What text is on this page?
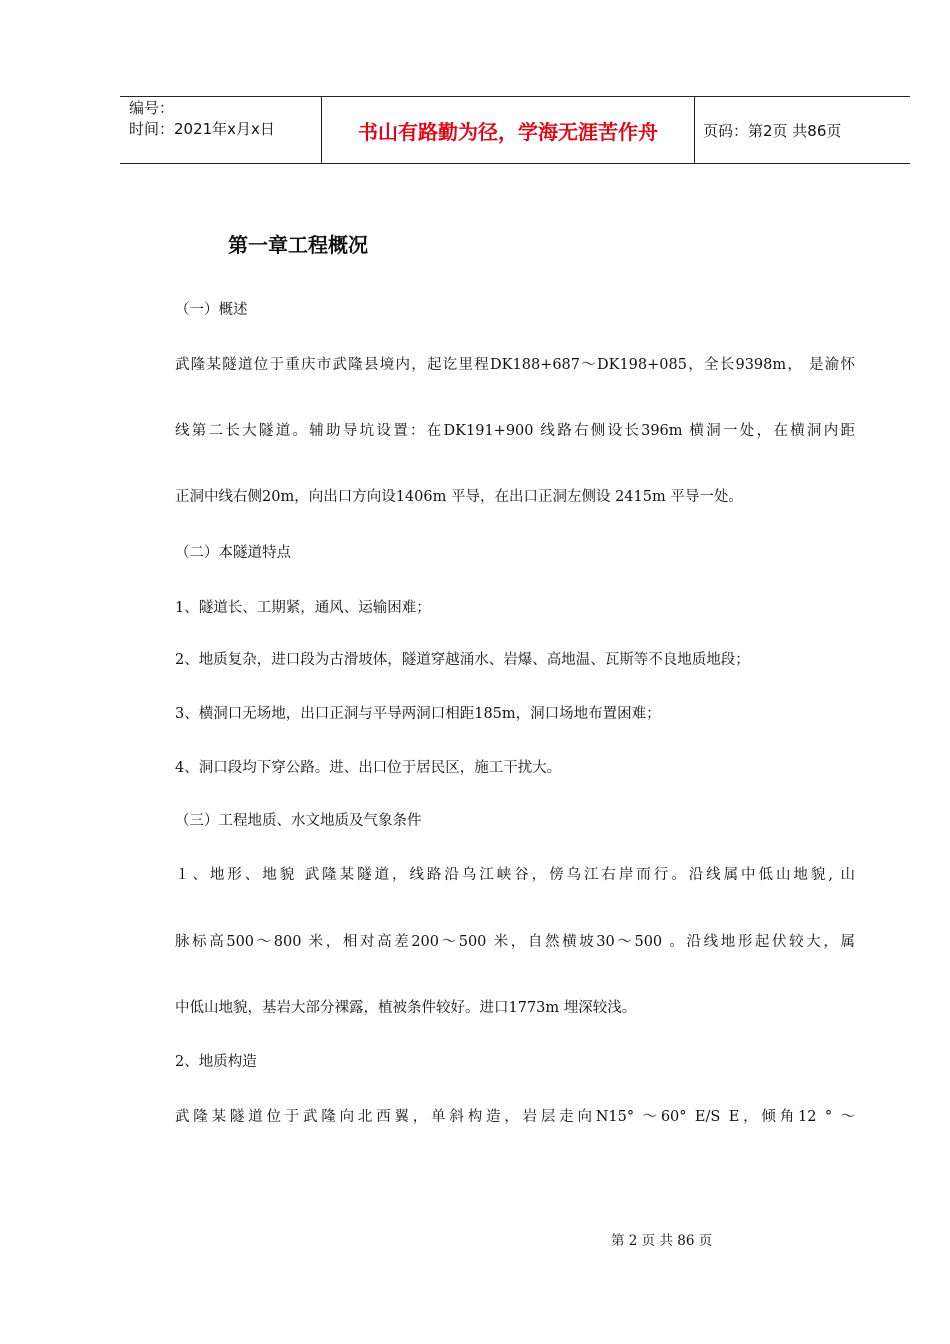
编号：
时间：2021年x月x日	书山有路勤为径，学海无涯苦作舟	页码：第2页 共86页
第一章工程概况
（一）概述
武隆某隧道位于重庆市武隆县境内，起讫里程DK188+687～DK198+085，全长9398m， 是渝怀
线第二长大隧道。辅助导坑设置：在DK191+900 线路右侧设长396m 横洞一处，在横洞内距
正洞中线右侧20m，向出口方向设1406m 平导，在出口正洞左侧设 2415m 平导一处。
（二）本隧道特点
1、隧道长、工期紧，通风、运输困难；
2、地质复杂，进口段为古滑坡体，隧道穿越涌水、岩爆、高地温、瓦斯等不良地质地段；
3、横洞口无场地，出口正洞与平导两洞口相距185m，洞口场地布置困难；
4、洞口段均下穿公路。进、出口位于居民区，施工干扰大。
（三）工程地质、水文地质及气象条件
１、地形、地貌 武隆某隧道，线路沿乌江峡谷，傍乌江右岸而行。沿线属中低山地貌, 山
脉标高500～800 米，相对高差200～500 米，自然横坡30～500 。沿线地形起伏较大，属
中低山地貌，基岩大部分裸露，植被条件较好。进口1773m 埋深较浅。
2、地质构造
武隆某隧道位于武隆向北西翼，单斜构造，岩层走向N15° ～60° E/S E，倾角12 ° ～
第 2 页 共 86 页
